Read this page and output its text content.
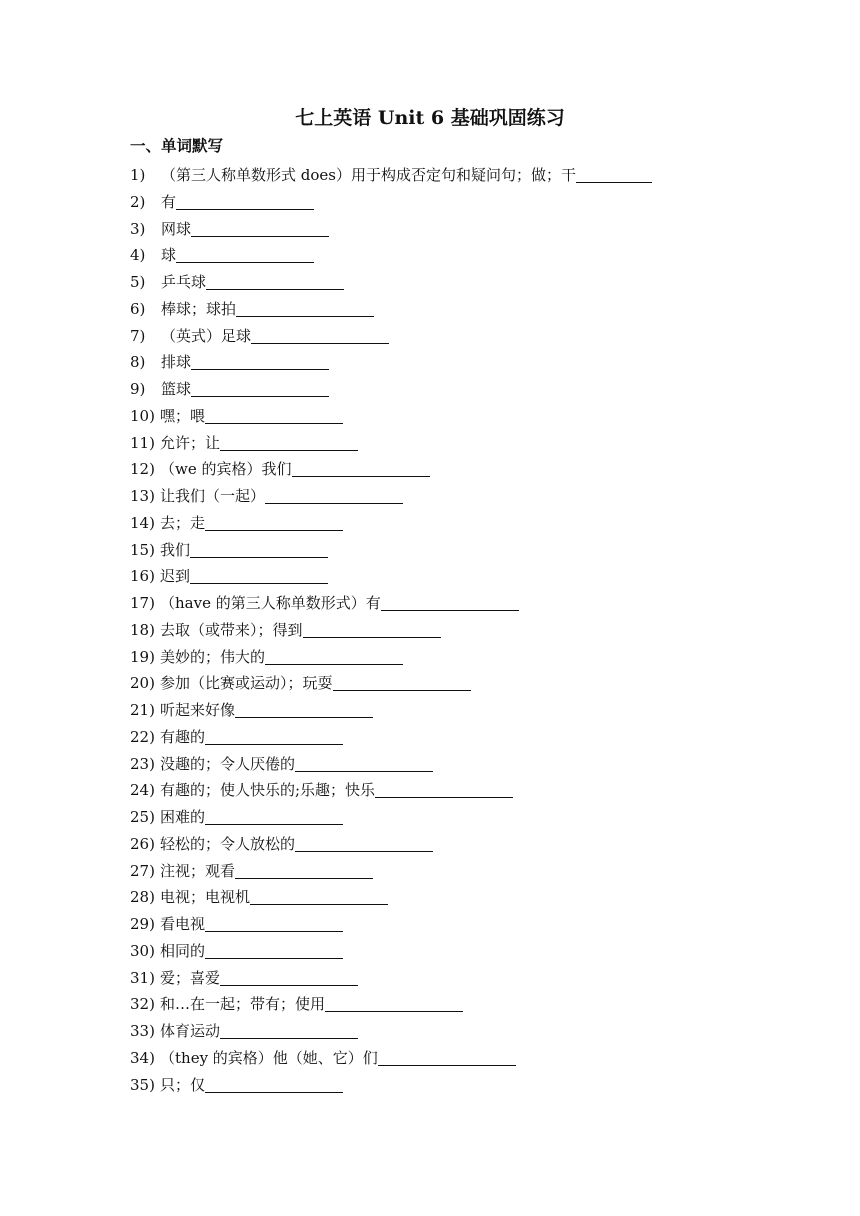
七上英语 Unit 6 基础巩固练习
一、单词默写
1) （第三人称单数形式 does）用于构成否定句和疑问句；做；干
2) 有
3) 网球
4) 球
5) 乒乓球
6) 棒球；球拍
7) （英式）足球
8) 排球
9) 篮球
10) 嘿；喂
11) 允许；让
12) （we 的宾格）我们
13) 让我们（一起）
14) 去；走
15) 我们
16) 迟到
17) （have 的第三人称单数形式）有
18) 去取（或带来）；得到
19) 美妙的；伟大的
20) 参加（比赛或运动）；玩耍
21) 听起来好像
22) 有趣的
23) 没趣的；令人厌倦的
24) 有趣的；使人快乐的;乐趣；快乐
25) 困难的
26) 轻松的；令人放松的
27) 注视；观看
28) 电视；电视机
29) 看电视
30) 相同的
31) 爱；喜爱
32) 和…在一起；带有；使用
33) 体育运动
34) （they 的宾格）他（她、它）们
35) 只；仅
